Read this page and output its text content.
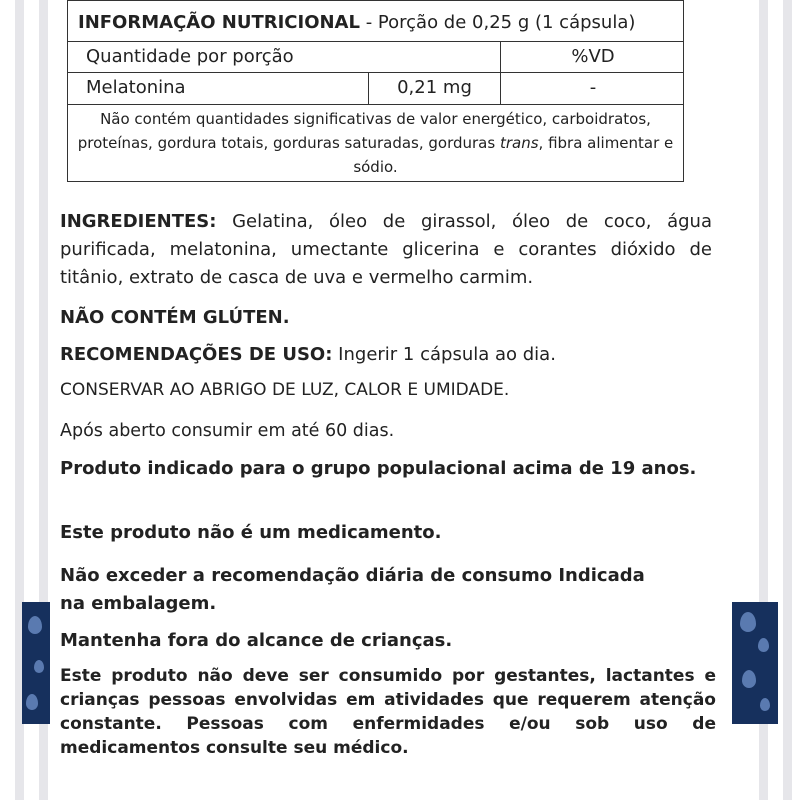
INFORMAÇÃO NUTRICIONAL - Porção de 0,25 g (1 cápsula)
Quantidade por porção	%VD
Melatonina	0,21 mg	-
Não contém quantidades significativas de valor energético, carboidratos, proteínas, gordura totais, gorduras saturadas, gorduras trans, fibra alimentar e sódio.
INGREDIENTES: Gelatina, óleo de girassol, óleo de coco, água purificada, melatonina, umectante glicerina e corantes dióxido de titânio, extrato de casca de uva e vermelho carmim.
NÃO CONTÉM GLÚTEN.
RECOMENDAÇÕES DE USO: Ingerir 1 cápsula ao dia.
CONSERVAR AO ABRIGO DE LUZ, CALOR E UMIDADE.
Após aberto consumir em até 60 dias.
Produto indicado para o grupo populacional acima de 19 anos.
Este produto não é um medicamento.
Não exceder a recomendação diária de consumo Indicada na embalagem.
Mantenha fora do alcance de crianças.
Este produto não deve ser consumido por gestantes, lactantes e crianças pessoas envolvidas em atividades que requerem atenção constante. Pessoas com enfermidades e/ou sob uso de medicamentos consulte seu médico.
